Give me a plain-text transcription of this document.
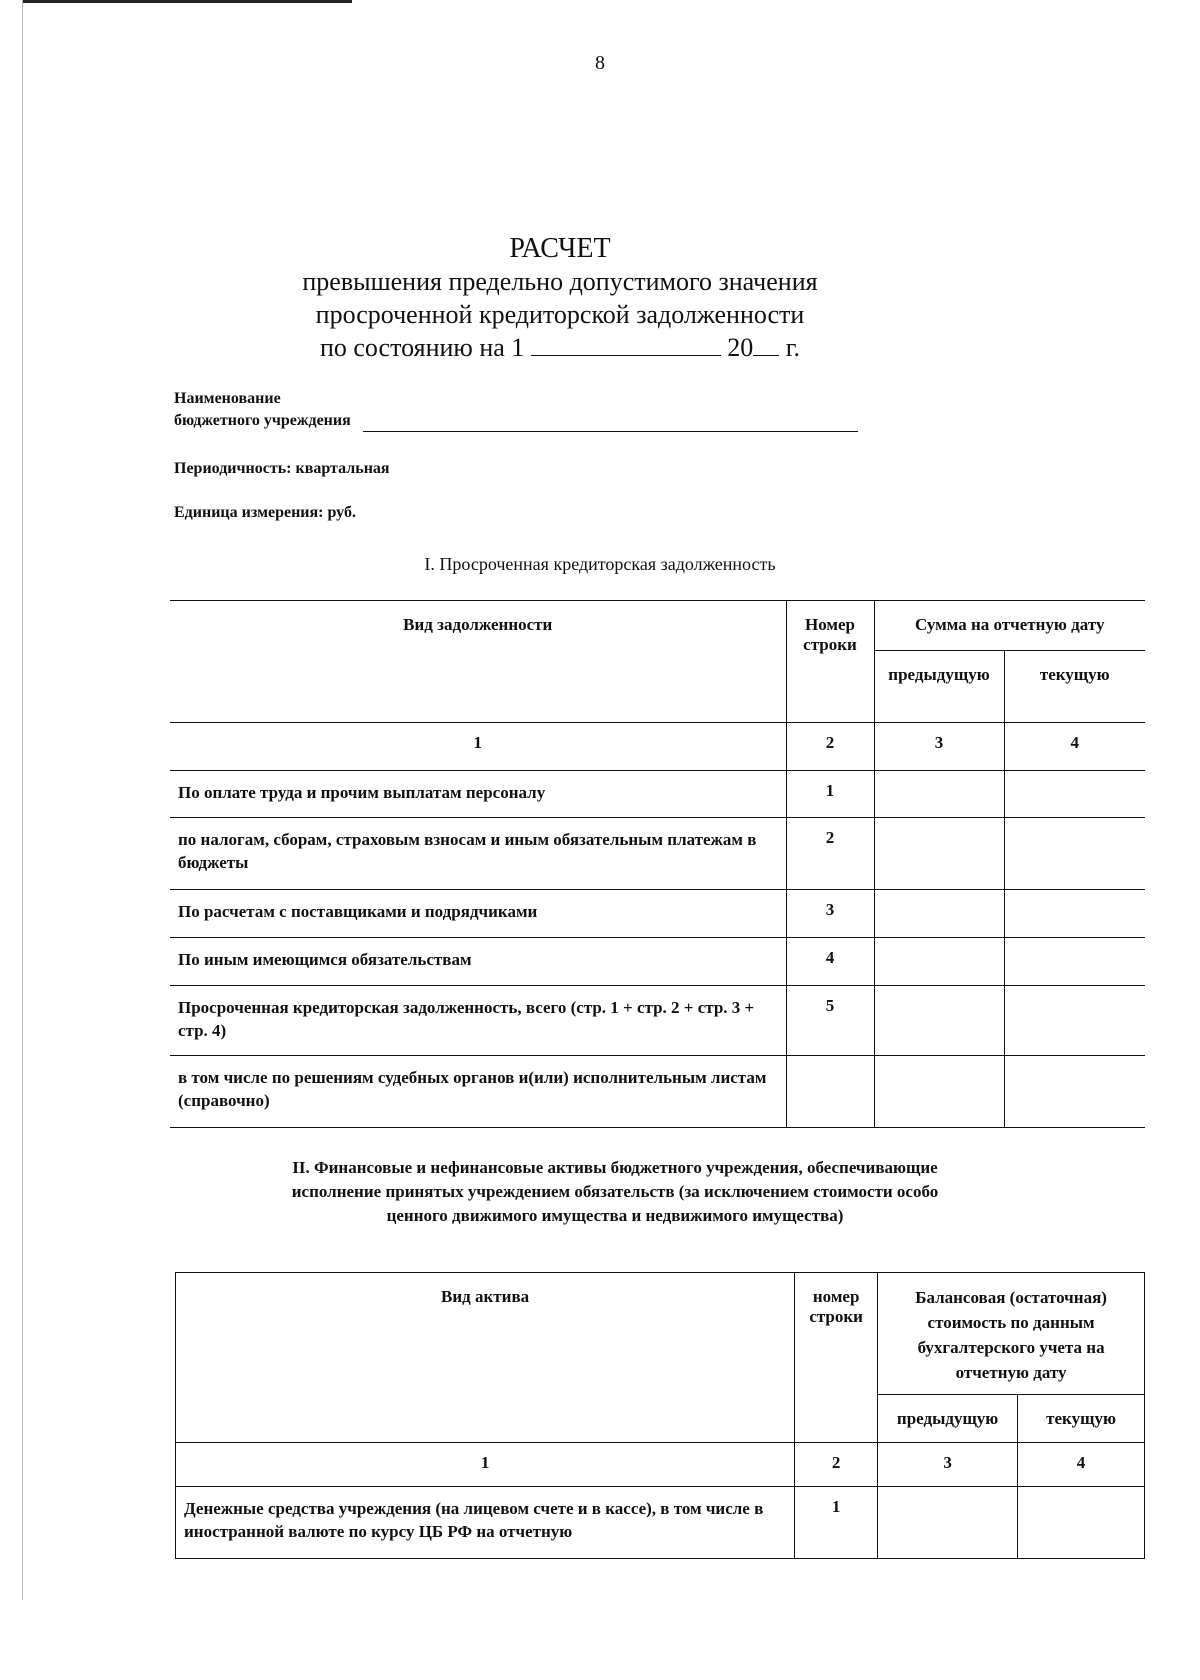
8
РАСЧЕТ
превышения предельно допустимого значения
просроченной кредиторской задолженности
по состоянию на 1	20 г.
Наименование бюджетного учреждения
Периодичность: квартальная
Единица измерения: руб.
I. Просроченная кредиторская задолженность
Вид задолженности	Номер строки	Сумма на отчетную дату	
		предыдущую	текущую
1	2	3	4
По оплате труда и прочим выплатам персоналу	1		
по налогам, сборам, страховым взносам и иным обязательным платежам в бюджеты	2		
По расчетам с поставщиками и подрядчиками	3		
По иным имеющимся обязательствам	4		
Просроченная кредиторская задолженность, всего (стр. 1 + стр. 2 + стр. 3 + стр. 4)	5		
в том числе по решениям судебных органов и(или) исполнительным листам (справочно)			
II. Финансовые и нефинансовые активы бюджетного учреждения, обеспечивающие исполнение принятых учреждением обязательств (за исключением стоимости особо ценного движимого имущества и недвижимого имущества)
Вид актива	номер строки	Балансовая (остаточная) стоимость по данным бухгалтерского учета на отчетную дату	
		предыдущую	текущую
1	2	3	4
Денежные средства учреждения (на лицевом счете и в кассе), в том числе в иностранной валюте по курсу ЦБ РФ на отчетную	1		
